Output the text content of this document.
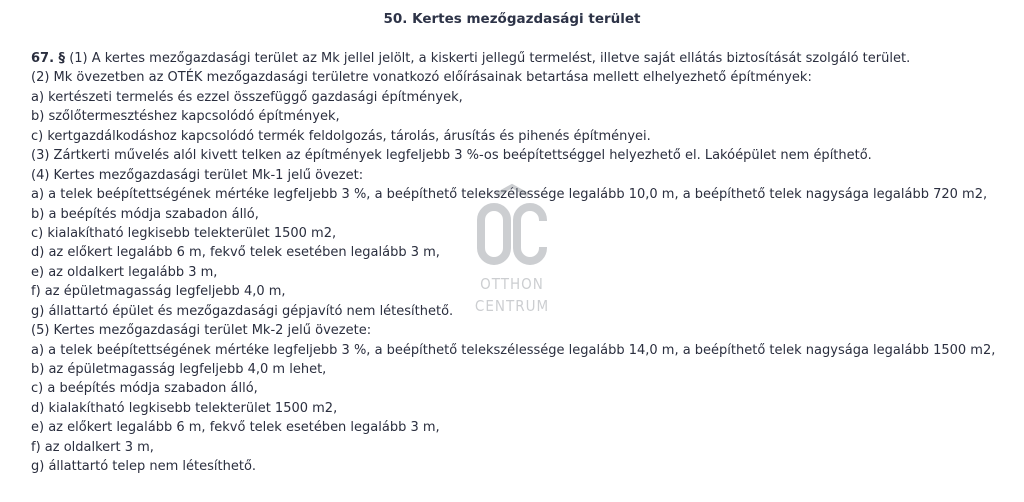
50. Kertes mezőgazdasági terület
67. § (1) A kertes mezőgazdasági terület az Mk jellel jelölt, a kiskerti jellegű termelést, illetve saját ellátás biztosítását szolgáló terület.
(2) Mk övezetben az OTÉK mezőgazdasági területre vonatkozó előírásainak betartása mellett elhelyezhető építmények:
a) kertészeti termelés és ezzel összefüggő gazdasági építmények,
b) szőlőtermesztéshez kapcsolódó építmények,
c) kertgazdálkodáshoz kapcsolódó termék feldolgozás, tárolás, árusítás és pihenés építményei.
(3) Zártkerti művelés alól kivett telken az építmények legfeljebb 3 %-os beépítettséggel helyezhető el. Lakóépület nem építhető.
(4) Kertes mezőgazdasági terület Mk-1 jelű övezet:
a) a telek beépítettségének mértéke legfeljebb 3 %, a beépíthető telekszélessége legalább 10,0 m, a beépíthető telek nagysága legalább 720 m2,
b) a beépítés módja szabadon álló,
c) kialakítható legkisebb telekterület 1500 m2,
d) az előkert legalább 6 m, fekvő telek esetében legalább 3 m,
e) az oldalkert legalább 3 m,
f) az épületmagasság legfeljebb 4,0 m,
g) állattartó épület és mezőgazdasági gépjavító nem létesíthető.
(5) Kertes mezőgazdasági terület Mk-2 jelű övezete:
a) a telek beépítettségének mértéke legfeljebb 3 %, a beépíthető telekszélessége legalább 14,0 m, a beépíthető telek nagysága legalább 1500 m2,
b) az épületmagasság legfeljebb 4,0 m lehet,
c) a beépítés módja szabadon álló,
d) kialakítható legkisebb telekterület 1500 m2,
e) az előkert legalább 6 m, fekvő telek esetében legalább 3 m,
f) az oldalkert 3 m,
g) állattartó telep nem létesíthető.
OTTHON
CENTRUM
